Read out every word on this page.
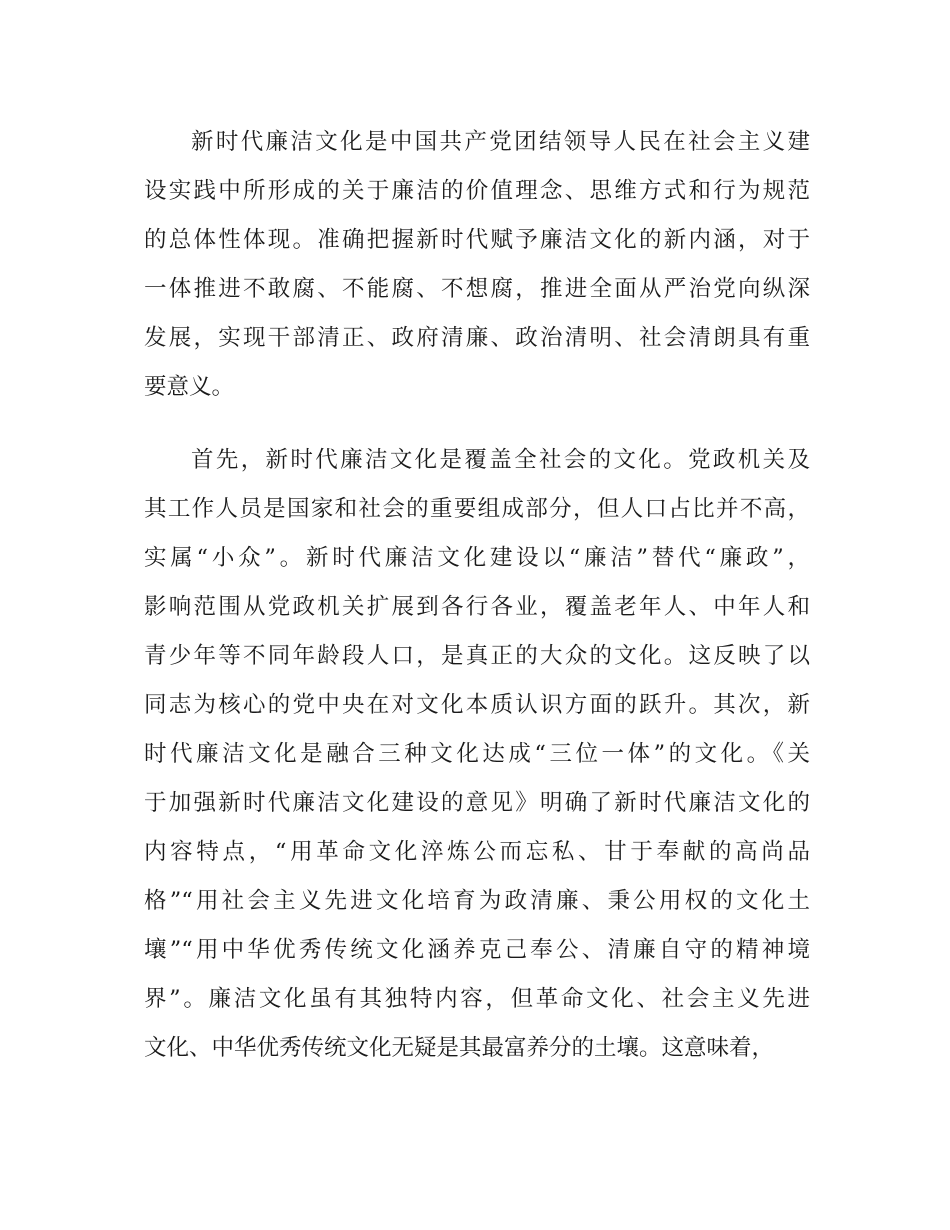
新时代廉洁文化是中国共产党团结领导人民在社会主义建
设实践中所形成的关于廉洁的价值理念、思维方式和行为规范
的总体性体现。准确把握新时代赋予廉洁文化的新内涵，对于
一体推进不敢腐、不能腐、不想腐，推进全面从严治党向纵深
发展，实现干部清正、政府清廉、政治清明、社会清朗具有重
要意义。
首先，新时代廉洁文化是覆盖全社会的文化。党政机关及
其工作人员是国家和社会的重要组成部分，但人口占比并不高，
实属“小众”。新时代廉洁文化建设以“廉洁”替代“廉政”，
影响范围从党政机关扩展到各行各业，覆盖老年人、中年人和
青少年等不同年龄段人口，是真正的大众的文化。这反映了以
同志为核心的党中央在对文化本质认识方面的跃升。其次，新
时代廉洁文化是融合三种文化达成“三位一体”的文化。《关
于加强新时代廉洁文化建设的意见》明确了新时代廉洁文化的
内容特点，“用革命文化淬炼公而忘私、甘于奉献的高尚品
格”“用社会主义先进文化培育为政清廉、秉公用权的文化土
壤”“用中华优秀传统文化涵养克己奉公、清廉自守的精神境
界”。廉洁文化虽有其独特内容，但革命文化、社会主义先进
文化、中华优秀传统文化无疑是其最富养分的土壤。这意味着，
